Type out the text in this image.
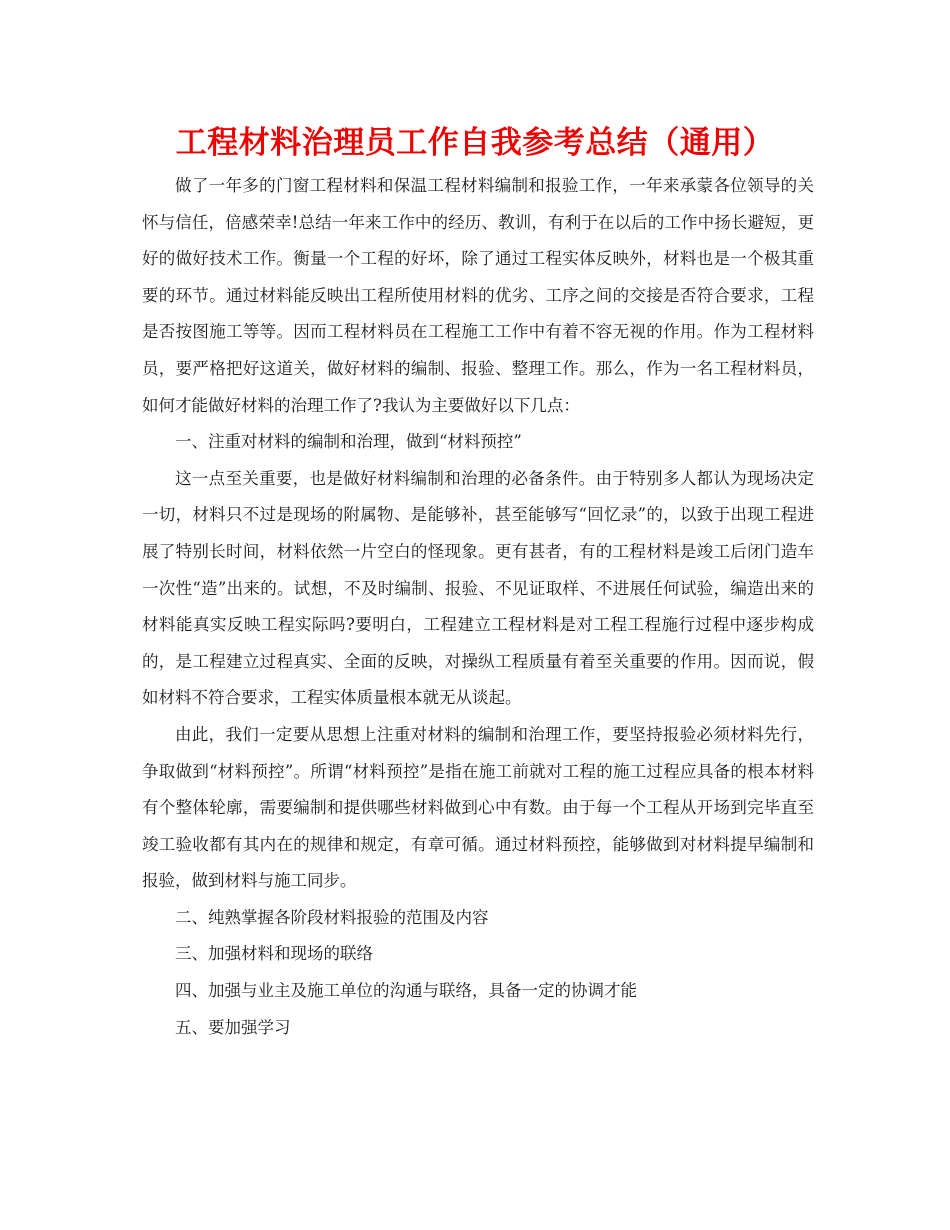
工程材料治理员工作自我参考总结（通用）

做了一年多的门窗工程材料和保温工程材料编制和报验工作，一年来承蒙各位领导的关怀与信任，倍感荣幸!总结一年来工作中的经历、教训，有利于在以后的工作中扬长避短，更好的做好技术工作。衡量一个工程的好坏，除了通过工程实体反映外，材料也是一个极其重要的环节。通过材料能反映出工程所使用材料的优劣、工序之间的交接是否符合要求，工程是否按图施工等等。因而工程材料员在工程施工工作中有着不容无视的作用。作为工程材料员，要严格把好这道关，做好材料的编制、报验、整理工作。那么，作为一名工程材料员，如何才能做好材料的治理工作了?我认为主要做好以下几点：

一、注重对材料的编制和治理，做到“材料预控”

这一点至关重要，也是做好材料编制和治理的必备条件。由于特别多人都认为现场决定一切，材料只不过是现场的附属物、是能够补，甚至能够写“回忆录”的，以致于出现工程进展了特别长时间，材料依然一片空白的怪现象。更有甚者，有的工程材料是竣工后闭门造车一次性“造”出来的。试想，不及时编制、报验、不见证取样、不进展任何试验，编造出来的材料能真实反映工程实际吗?要明白，工程建立工程材料是对工程工程施行过程中逐步构成的，是工程建立过程真实、全面的反映，对操纵工程质量有着至关重要的作用。因而说，假如材料不符合要求，工程实体质量根本就无从谈起。

由此，我们一定要从思想上注重对材料的编制和治理工作，要坚持报验必须材料先行，争取做到“材料预控”。所谓“材料预控”是指在施工前就对工程的施工过程应具备的根本材料有个整体轮廓，需要编制和提供哪些材料做到心中有数。由于每一个工程从开场到完毕直至竣工验收都有其内在的规律和规定，有章可循。通过材料预控，能够做到对材料提早编制和报验，做到材料与施工同步。

二、纯熟掌握各阶段材料报验的范围及内容

三、加强材料和现场的联络

四、加强与业主及施工单位的沟通与联络，具备一定的协调才能

五、要加强学习
